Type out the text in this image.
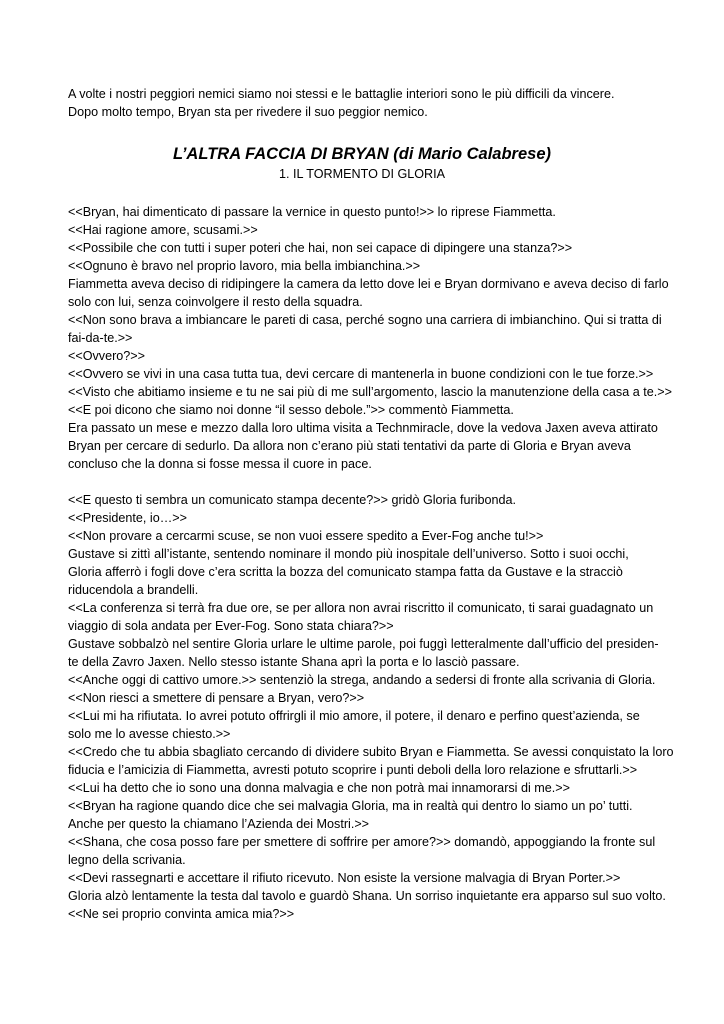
A volte i nostri peggiori nemici siamo noi stessi e le battaglie interiori sono le più difficili da vincere.
Dopo molto tempo, Bryan sta per rivedere il suo peggior nemico.
L’ALTRA FACCIA DI BRYAN (di Mario Calabrese)
1. IL TORMENTO DI GLORIA
<<Bryan, hai dimenticato di passare la vernice in questo punto!>> lo riprese Fiammetta.
<<Hai ragione amore, scusami.>>
<<Possibile che con tutti i super poteri che hai, non sei capace di dipingere una stanza?>>
<<Ognuno è bravo nel proprio lavoro, mia bella imbianchina.>>
Fiammetta aveva deciso di ridipingere la camera da letto dove lei e Bryan dormivano e aveva deciso di farlo
solo con lui, senza coinvolgere il resto della squadra.
<<Non sono brava a imbiancare le pareti di casa, perché sogno una carriera di imbianchino. Qui si tratta di
fai-da-te.>>
<<Ovvero?>>
<<Ovvero se vivi in una casa tutta tua, devi cercare di mantenerla in buone condizioni con le tue forze.>>
<<Visto che abitiamo insieme e tu ne sai più di me sull’argomento, lascio la manutenzione della casa a te.>>
<<E poi dicono che siamo noi donne “il sesso debole.”>> commentò Fiammetta.
Era passato un mese e mezzo dalla loro ultima visita a Technmiracle, dove la vedova Jaxen aveva attirato
Bryan per cercare di sedurlo. Da allora non c’erano più stati tentativi da parte di Gloria e Bryan aveva
concluso che la donna si fosse messa il cuore in pace.
<<E questo ti sembra un comunicato stampa decente?>> gridò Gloria furibonda.
<<Presidente, io…>>
<<Non provare a cercarmi scuse, se non vuoi essere spedito a Ever-Fog anche tu!>>
Gustave si zittì all’istante, sentendo nominare il mondo più inospitale dell’universo. Sotto i suoi occhi,
Gloria afferrò i fogli dove c’era scritta la bozza del comunicato stampa fatta da Gustave e la stracciò
riducendola a brandelli.
<<La conferenza si terrà fra due ore, se per allora non avrai riscritto il comunicato, ti sarai guadagnato un
viaggio di sola andata per Ever-Fog. Sono stata chiara?>>
Gustave sobbalzò nel sentire Gloria urlare le ultime parole, poi fuggì letteralmente dall’ufficio del presiden-
te della Zavro Jaxen. Nello stesso istante Shana aprì la porta e lo lasciò passare.
<<Anche oggi di cattivo umore.>> sentenziò la strega, andando a sedersi di fronte alla scrivania di Gloria.
<<Non riesci a smettere di pensare a Bryan, vero?>>
<<Lui mi ha rifiutata. Io avrei potuto offrirgli il mio amore, il potere, il denaro e perfino quest’azienda, se
solo me lo avesse chiesto.>>
<<Credo che tu abbia sbagliato cercando di dividere subito Bryan e Fiammetta. Se avessi conquistato la loro
fiducia e l’amicizia di Fiammetta, avresti potuto scoprire i punti deboli della loro relazione e sfruttarli.>>
<<Lui ha detto che io sono una donna malvagia e che non potrà mai innamorarsi di me.>>
<<Bryan ha ragione quando dice che sei malvagia Gloria, ma in realtà qui dentro lo siamo un po’ tutti.
Anche per questo la chiamano l’Azienda dei Mostri.>>
<<Shana, che cosa posso fare per smettere di soffrire per amore?>> domandò, appoggiando la fronte sul
legno della scrivania.
<<Devi rassegnarti e accettare il rifiuto ricevuto. Non esiste la versione malvagia di Bryan Porter.>>
Gloria alzò lentamente la testa dal tavolo e guardò Shana. Un sorriso inquietante era apparso sul suo volto.
<<Ne sei proprio convinta amica mia?>>
